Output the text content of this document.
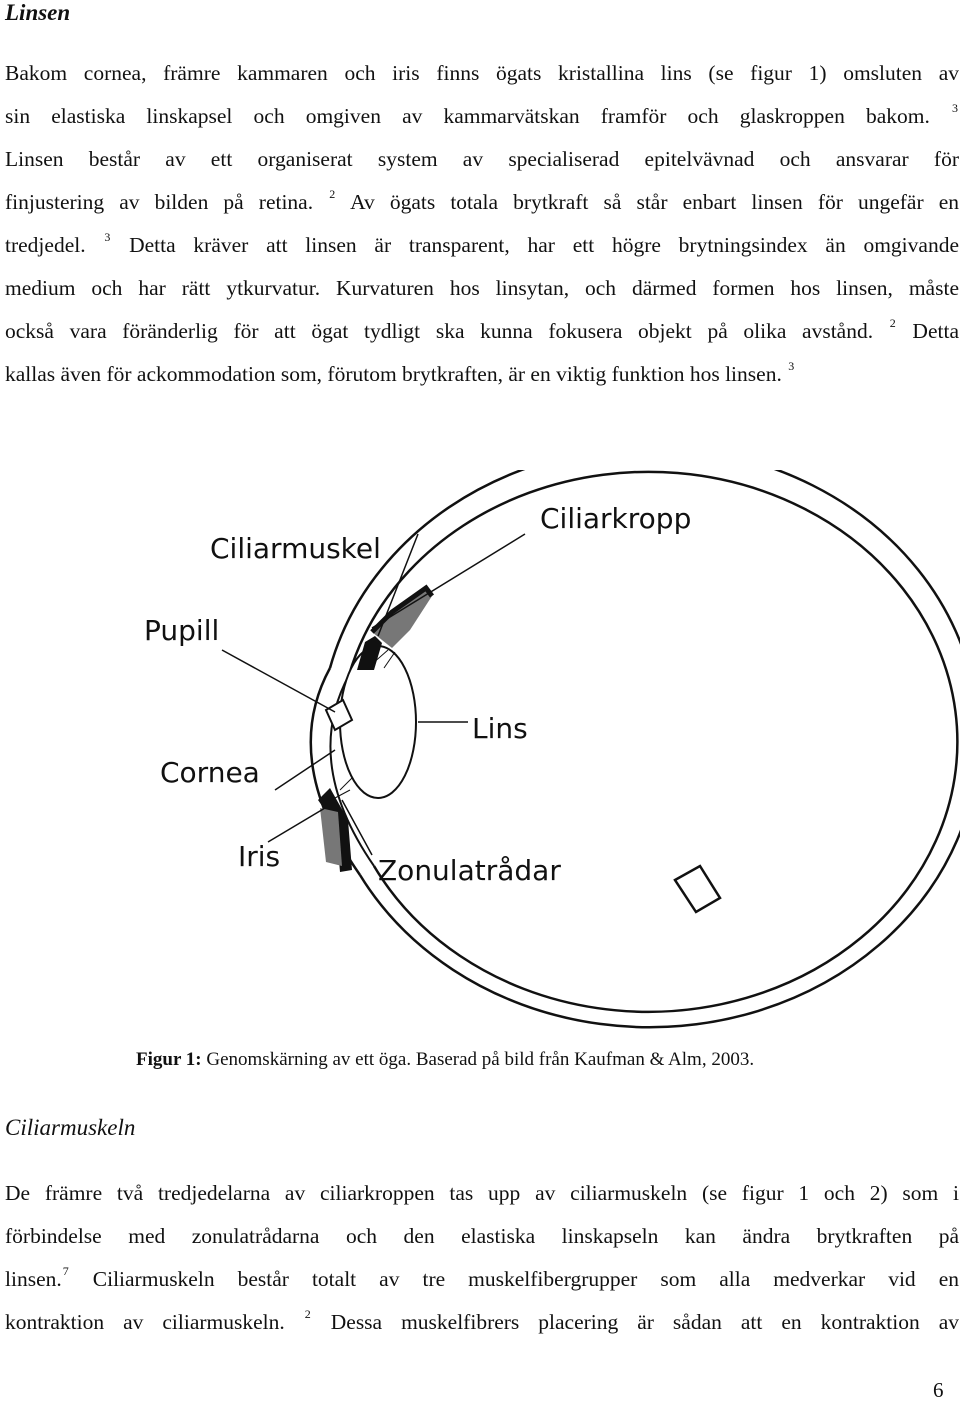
Linsen
Bakom cornea, främre kammaren och iris finns ögats kristallina lins (se figur 1) omsluten av
sin elastiska linskapsel och omgiven av kammarvätskan framför och glaskroppen bakom. $^3$
Linsen består av ett organiserat system av specialiserad epitelvävnad och ansvarar för
finjustering av bilden på retina. $^2$ Av ögats totala brytkraft så står enbart linsen för ungefär en
tredjedel. $^3$ Detta kräver att linsen är transparent, har ett högre brytningsindex än omgivande
medium och har rätt ytkurvatur. Kurvaturen hos linsytan, och därmed formen hos linsen, måste
också vara föränderlig för att ögat tydligt ska kunna fokusera objekt på olika avstånd. $^2$ Detta
kallas även för ackommodation som, förutom brytkraften, är en viktig funktion hos linsen. $^3$
Ciliarkropp
Ciliarmuskel
Pupill
Lins
Cornea
Iris	Zonulatrådar

Figur 1: Genomskärning av ett öga. Baserad på bild från Kaufman & Alm, 2003.

Ciliarmuskeln
De främre två tredjedelarna av ciliarkroppen tas upp av ciliarmuskeln (se figur 1 och 2) som i
förbindelse med zonulatrådarna och den elastiska linskapseln kan ändra brytkraften på
linsen.$^7$ Ciliarmuskeln består totalt av tre muskelfibergrupper som alla medverkar vid en
kontraktion av ciliarmuskeln. $^2$ Dessa muskelfibrers placering är sådan att en kontraktion av

6
